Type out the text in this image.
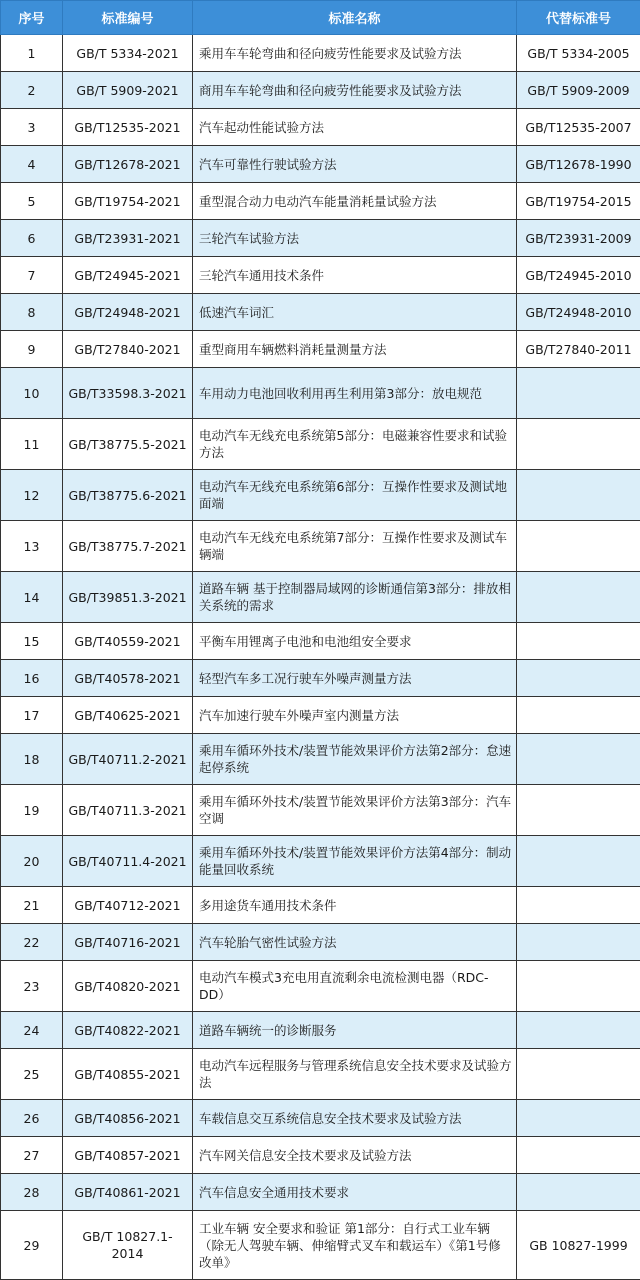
序号	标准编号	标准名称	代替标准号
1	GB/T 5334-2021	乘用车车轮弯曲和径向疲劳性能要求及试验方法	GB/T 5334-2005
2	GB/T 5909-2021	商用车车轮弯曲和径向疲劳性能要求及试验方法	GB/T 5909-2009
3	GB/T12535-2021	汽车起动性能试验方法	GB/T12535-2007
4	GB/T12678-2021	汽车可靠性行驶试验方法	GB/T12678-1990
5	GB/T19754-2021	重型混合动力电动汽车能量消耗量试验方法	GB/T19754-2015
6	GB/T23931-2021	三轮汽车试验方法	GB/T23931-2009
7	GB/T24945-2021	三轮汽车通用技术条件	GB/T24945-2010
8	GB/T24948-2021	低速汽车词汇	GB/T24948-2010
9	GB/T27840-2021	重型商用车辆燃料消耗量测量方法	GB/T27840-2011
10	GB/T33598.3-2021	车用动力电池回收利用再生利用第3部分：放电规范	
11	GB/T38775.5-2021	电动汽车无线充电系统第5部分：电磁兼容性要求和试验方法	
12	GB/T38775.6-2021	电动汽车无线充电系统第6部分：互操作性要求及测试地面端	
13	GB/T38775.7-2021	电动汽车无线充电系统第7部分：互操作性要求及测试车辆端	
14	GB/T39851.3-2021	道路车辆 基于控制器局域网的诊断通信第3部分：排放相关系统的需求	
15	GB/T40559-2021	平衡车用锂离子电池和电池组安全要求	
16	GB/T40578-2021	轻型汽车多工况行驶车外噪声测量方法	
17	GB/T40625-2021	汽车加速行驶车外噪声室内测量方法	
18	GB/T40711.2-2021	乘用车循环外技术/装置节能效果评价方法第2部分：怠速起停系统	
19	GB/T40711.3-2021	乘用车循环外技术/装置节能效果评价方法第3部分：汽车空调	
20	GB/T40711.4-2021	乘用车循环外技术/装置节能效果评价方法第4部分：制动能量回收系统	
21	GB/T40712-2021	多用途货车通用技术条件	
22	GB/T40716-2021	汽车轮胎气密性试验方法	
23	GB/T40820-2021	电动汽车模式3充电用直流剩余电流检测电器（RDC-DD）	
24	GB/T40822-2021	道路车辆统一的诊断服务	
25	GB/T40855-2021	电动汽车远程服务与管理系统信息安全技术要求及试验方法	
26	GB/T40856-2021	车载信息交互系统信息安全技术要求及试验方法	
27	GB/T40857-2021	汽车网关信息安全技术要求及试验方法	
28	GB/T40861-2021	汽车信息安全通用技术要求	
29	GB/T 10827.1-2014	工业车辆 安全要求和验证 第1部分：自行式工业车辆（除无人驾驶车辆、伸缩臂式叉车和载运车）《第1号修改单》	GB 10827-1999
